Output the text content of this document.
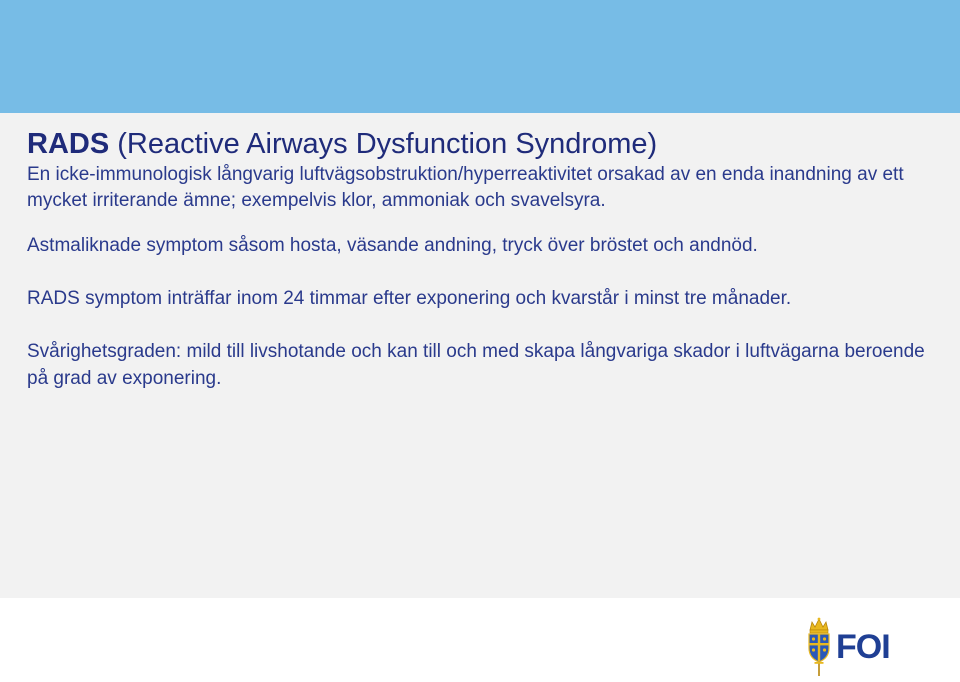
RADS (Reactive Airways Dysfunction Syndrome)

En icke-immunologisk långvarig luftvägsobstruktion/hyperreaktivitet orsakad av en enda inandning av ett mycket irriterande ämne; exempelvis klor, ammoniak och svavelsyra.

Astmaliknade symptom såsom hosta, väsande andning, tryck över bröstet och andnöd.

RADS symptom inträffar inom 24 timmar efter exponering och kvarstår i minst tre månader.

Svårighetsgraden: mild till livshotande och kan till och med skapa långvariga skador i luftvägarna beroende på grad av exponering.

FOI
